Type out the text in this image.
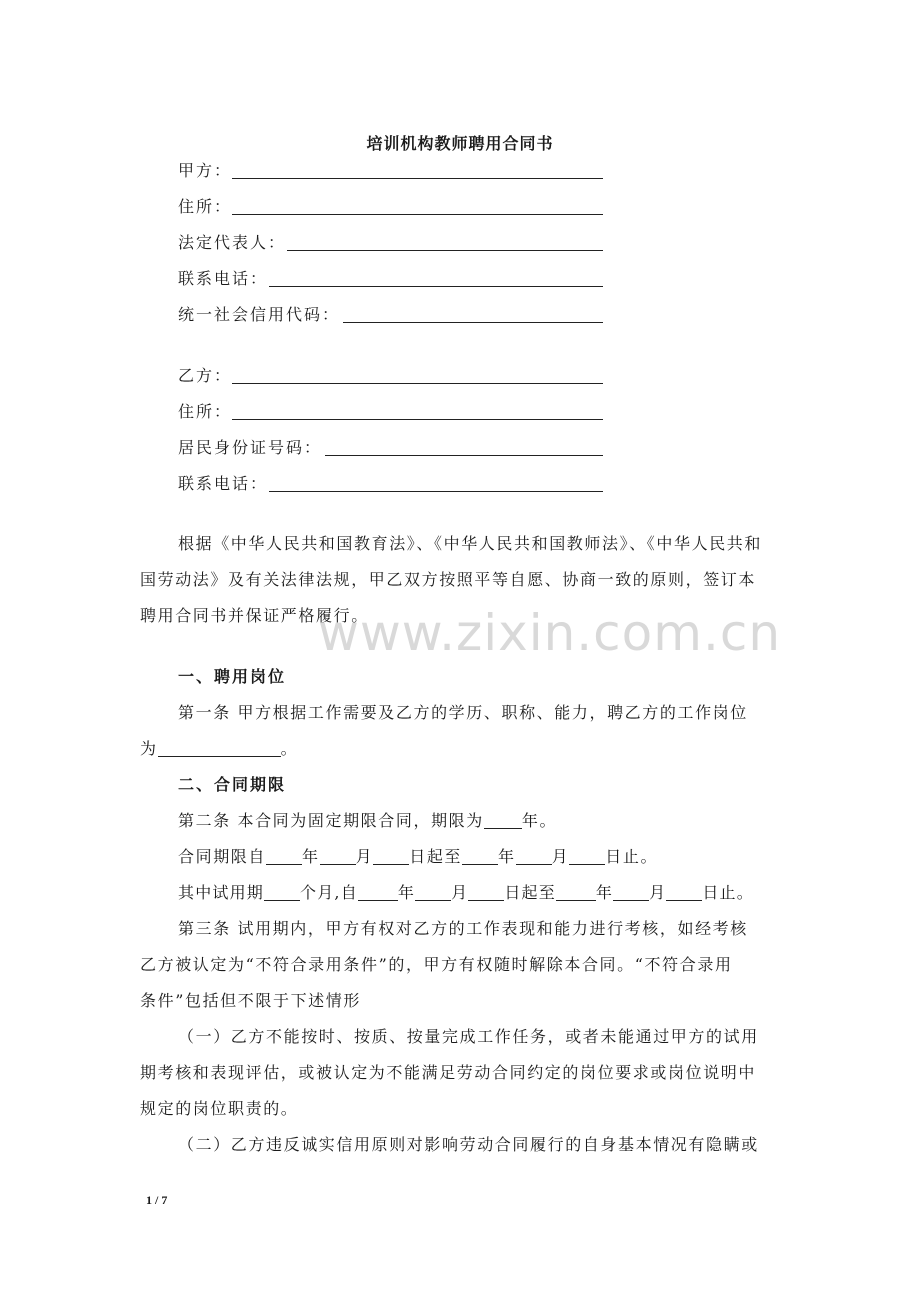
培训机构教师聘用合同书
甲方：
住所：
法定代表人：
联系电话：
统一社会信用代码：
乙方：
住所：
居民身份证号码：
联系电话：
根据《中华人民共和国教育法》、《中华人民共和国教师法》、《中华人民共和
国劳动法》及有关法律法规，甲乙双方按照平等自愿、协商一致的原则，签订本
聘用合同书并保证严格履行。
www.zixin.com.cn
一、聘用岗位
第一条 甲方根据工作需要及乙方的学历、职称、能力，聘乙方的工作岗位
为	。
二、合同期限
第二条 本合同为固定期限合同，期限为 年。
合同期限自 年 月 日起至 年 月 日止。
其中试用期 个月,自	年 月 日起至	年 月 日止。
第三条 试用期内，甲方有权对乙方的工作表现和能力进行考核，如经考核
乙方被认定为“不符合录用条件”的，甲方有权随时解除本合同。“不符合录用
条件”包括但不限于下述情形
（一）乙方不能按时、按质、按量完成工作任务，或者未能通过甲方的试用
期考核和表现评估，或被认定为不能满足劳动合同约定的岗位要求或岗位说明中
规定的岗位职责的。
（二）乙方违反诚实信用原则对影响劳动合同履行的自身基本情况有隐瞒或
1 / 7
